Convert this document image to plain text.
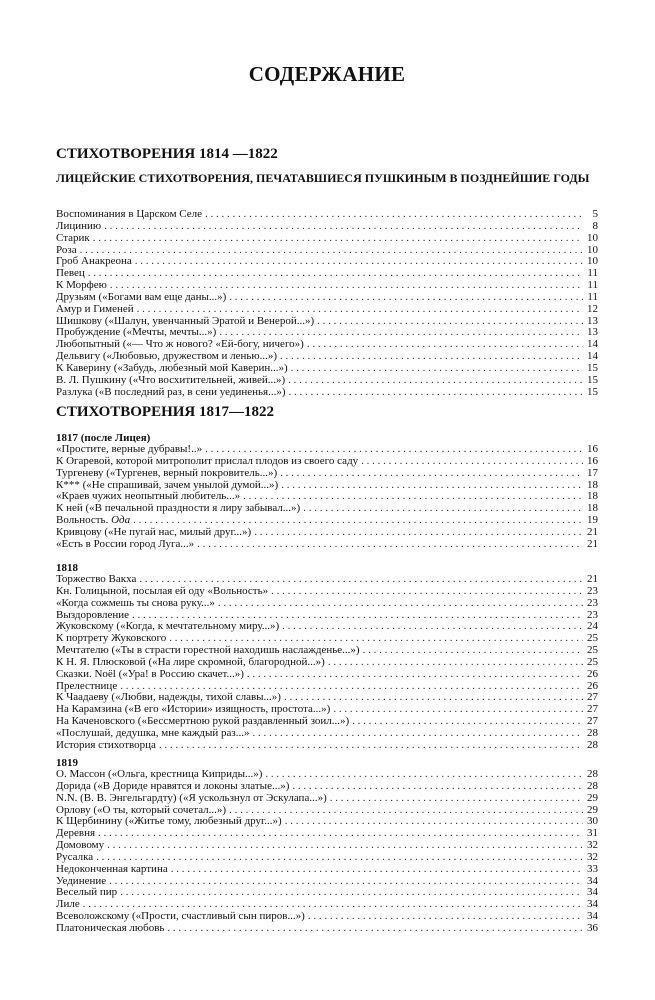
СОДЕРЖАНИЕ
СТИХОТВОРЕНИЯ 1814 —1822
ЛИЦЕЙСКИЕ СТИХОТВОРЕНИЯ, ПЕЧАТАВШИЕСЯ ПУШКИНЫМ В ПОЗДНЕЙШИЕ ГОДЫ
Воспоминания в Царском Селе . . .	5
Лицинию . . .	8
Старик . . .	10
Роза . . .	10
Гроб Анакреона . . .	10
Певец . . .	11
К Морфею . . .	11
Друзьям («Богами вам еще даны...») . . .	11
Амур и Гименей . . .	12
Шишкову («Шалун, увенчанный Эратой и Венерой...») . . .	13
Пробуждение («Мечты, мечты...») . . .	13
Любопытный («— Что ж нового? «Ей-богу, ничего») . . .	14
Дельвигу («Любовью, дружеством и ленью...») . . .	14
К Каверину («Забудь, любезный мой Каверин...») . . .	15
В. Л. Пушкину («Что восхитительней, живей...») . . .	15
Разлука («В последний раз, в сени уединенья...») . . .	15
СТИХОТВОРЕНИЯ 1817—1822
1817 (после Лицея)
«Простите, верные дубравы!..» . . .	16
К Огаревой, которой митрополит прислал плодов из своего саду . . .	16
Тургеневу («Тургенев, верный покровитель...») . . .	17
К*** («Не спрашивай, зачем унылой думой...») . . .	18
«Краев чужих неопытный любитель...» . . .	18
К ней («В печальной праздности я лиру забывал...») . . .	18
Вольность. Ода . . .	19
Кривцову («Не пугай нас, милый друг...») . . .	21
«Есть в России город Луга...» . . .	21
1818
Торжество Вакха . . .	21
Кн. Голицыной, посылая ей оду «Вольность» . . .	23
«Когда сожмешь ты снова руку...» . . .	23
Выздоровление . . .	23
Жуковскому («Когда, к мечтательному миру...») . . .	24
К портрету Жуковского . . .	25
Мечтателю («Ты в страсти горестной находишь наслажденье...») . . .	25
К Н. Я. Плюсковой («На лире скромной, благородной...») . . .	25
Сказки. Noël («Ура! в Россию скачет...») . . .	26
Прелестнице . . .	26
К Чаадаеву («Любви, надежды, тихой славы...») . . .	27
На Карамзина («В его «Истории» изящность, простота...») . . .	27
На Каченовского («Бессмертною рукой раздавленный зоил...») . . .	27
«Послушай, дедушка, мне каждый раз...» . . .	28
История стихотворца . . .	28
1819
О. Массон («Ольга, крестница Киприды...») . . .	28
Дорида («В Дориде нравятся и локоны златые...») . . .	28
N.N. (В. В. Энгельгардту) («Я ускользнул от Эскулапа...») . . .	29
Орлову («О ты, который сочетал...») . . .	29
К Щербинину («Житье тому, любезный друг...») . . .	30
Деревня . . .	31
Домовому . . .	32
Русалка . . .	32
Недоконченная картина . . .	33
Уединение . . .	34
Веселый пир . . .	34
Лиле . . .	34
Всеволожскому («Прости, счастливый сын пиров...») . . .	34
Платоническая любовь . . .	36
